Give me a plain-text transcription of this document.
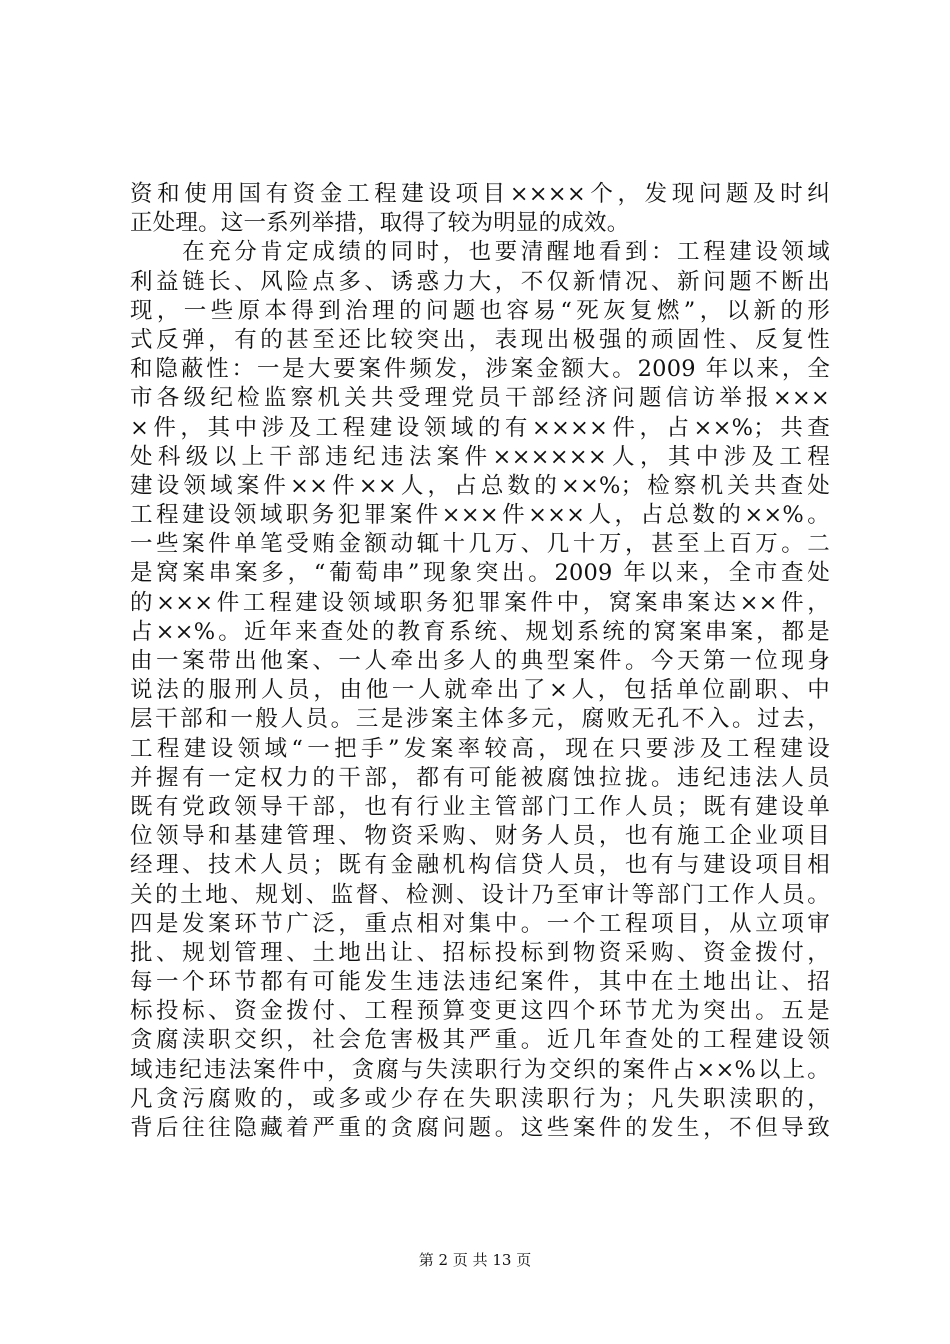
资和使用国有资金工程建设项目××××个，发现问题及时纠
正处理。这一系列举措，取得了较为明显的成效。
　　在充分肯定成绩的同时，也要清醒地看到：工程建设领域
利益链长、风险点多、诱惑力大，不仅新情况、新问题不断出
现，一些原本得到治理的问题也容易“死灰复燃”，以新的形
式反弹，有的甚至还比较突出，表现出极强的顽固性、反复性
和隐蔽性：一是大要案件频发，涉案金额大。2009 年以来，全
市各级纪检监察机关共受理党员干部经济问题信访举报×××
×件，其中涉及工程建设领域的有××××件，占××%；共查
处科级以上干部违纪违法案件××××××人，其中涉及工程
建设领域案件××件××人，占总数的××%；检察机关共查处
工程建设领域职务犯罪案件×××件×××人，占总数的××%。
一些案件单笔受贿金额动辄十几万、几十万，甚至上百万。二
是窝案串案多，“葡萄串”现象突出。2009 年以来，全市查处
的×××件工程建设领域职务犯罪案件中，窝案串案达××件，
占××%。近年来查处的教育系统、规划系统的窝案串案，都是
由一案带出他案、一人牵出多人的典型案件。今天第一位现身
说法的服刑人员，由他一人就牵出了×人，包括单位副职、中
层干部和一般人员。三是涉案主体多元，腐败无孔不入。过去，
工程建设领域“一把手”发案率较高，现在只要涉及工程建设
并握有一定权力的干部，都有可能被腐蚀拉拢。违纪违法人员
既有党政领导干部，也有行业主管部门工作人员；既有建设单
位领导和基建管理、物资采购、财务人员，也有施工企业项目
经理、技术人员；既有金融机构信贷人员，也有与建设项目相
关的土地、规划、监督、检测、设计乃至审计等部门工作人员。
四是发案环节广泛，重点相对集中。一个工程项目，从立项审
批、规划管理、土地出让、招标投标到物资采购、资金拨付，
每一个环节都有可能发生违法违纪案件，其中在土地出让、招
标投标、资金拨付、工程预算变更这四个环节尤为突出。五是
贪腐渎职交织，社会危害极其严重。近几年查处的工程建设领
域违纪违法案件中，贪腐与失渎职行为交织的案件占××%以上。
凡贪污腐败的，或多或少存在失职渎职行为；凡失职渎职的，
背后往往隐藏着严重的贪腐问题。这些案件的发生，不但导致
第 2 页 共 13 页
